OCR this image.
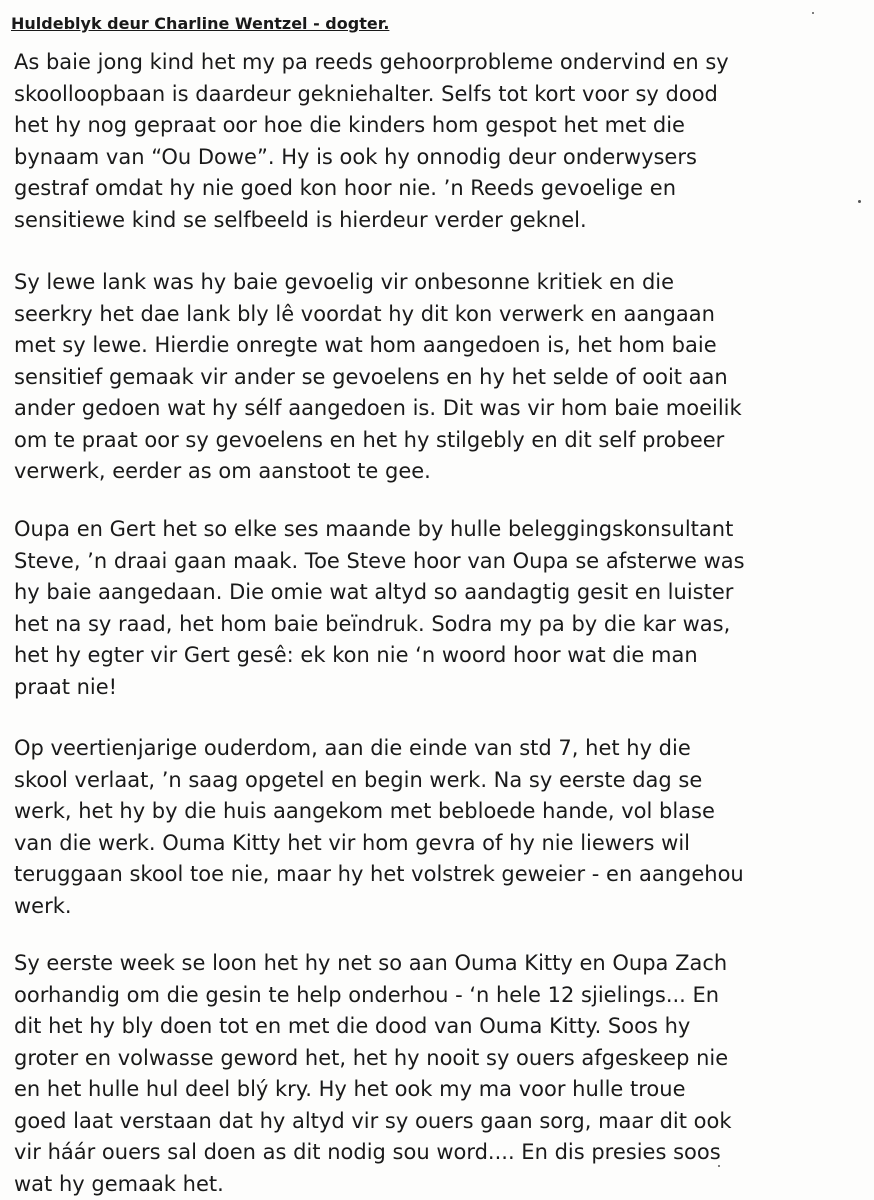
Huldeblyk deur Charline Wentzel - dogter.
As baie jong kind het my pa reeds gehoorprobleme ondervind en sy
skoolloopbaan is daardeur gekniehalter. Selfs tot kort voor sy dood
het hy nog gepraat oor hoe die kinders hom gespot het met die
bynaam van “Ou Dowe”. Hy is ook hy onnodig deur onderwysers
gestraf omdat hy nie goed kon hoor nie. ’n Reeds gevoelige en
sensitiewe kind se selfbeeld is hierdeur verder geknel.
Sy lewe lank was hy baie gevoelig vir onbesonne kritiek en die
seerkry het dae lank bly lê voordat hy dit kon verwerk en aangaan
met sy lewe. Hierdie onregte wat hom aangedoen is, het hom baie
sensitief gemaak vir ander se gevoelens en hy het selde of ooit aan
ander gedoen wat hy sélf aangedoen is. Dit was vir hom baie moeilik
om te praat oor sy gevoelens en het hy stilgebly en dit self probeer
verwerk, eerder as om aanstoot te gee.
Oupa en Gert het so elke ses maande by hulle beleggingskonsultant
Steve, ’n draai gaan maak. Toe Steve hoor van Oupa se afsterwe was
hy baie aangedaan. Die omie wat altyd so aandagtig gesit en luister
het na sy raad, het hom baie beïndruk. Sodra my pa by die kar was,
het hy egter vir Gert gesê: ek kon nie ‘n woord hoor wat die man
praat nie!
Op veertienjarige ouderdom, aan die einde van std 7, het hy die
skool verlaat, ’n saag opgetel en begin werk. Na sy eerste dag se
werk, het hy by die huis aangekom met bebloede hande, vol blase
van die werk. Ouma Kitty het vir hom gevra of hy nie liewers wil
teruggaan skool toe nie, maar hy het volstrek geweier - en aangehou
werk.
Sy eerste week se loon het hy net so aan Ouma Kitty en Oupa Zach
oorhandig om die gesin te help onderhou - ‘n hele 12 sjielings... En
dit het hy bly doen tot en met die dood van Ouma Kitty. Soos hy
groter en volwasse geword het, het hy nooit sy ouers afgeskeep nie
en het hulle hul deel blý kry. Hy het ook my ma voor hulle troue
goed laat verstaan dat hy altyd vir sy ouers gaan sorg, maar dit ook
vir háár ouers sal doen as dit nodig sou word.... En dis presies soos
wat hy gemaak het.
